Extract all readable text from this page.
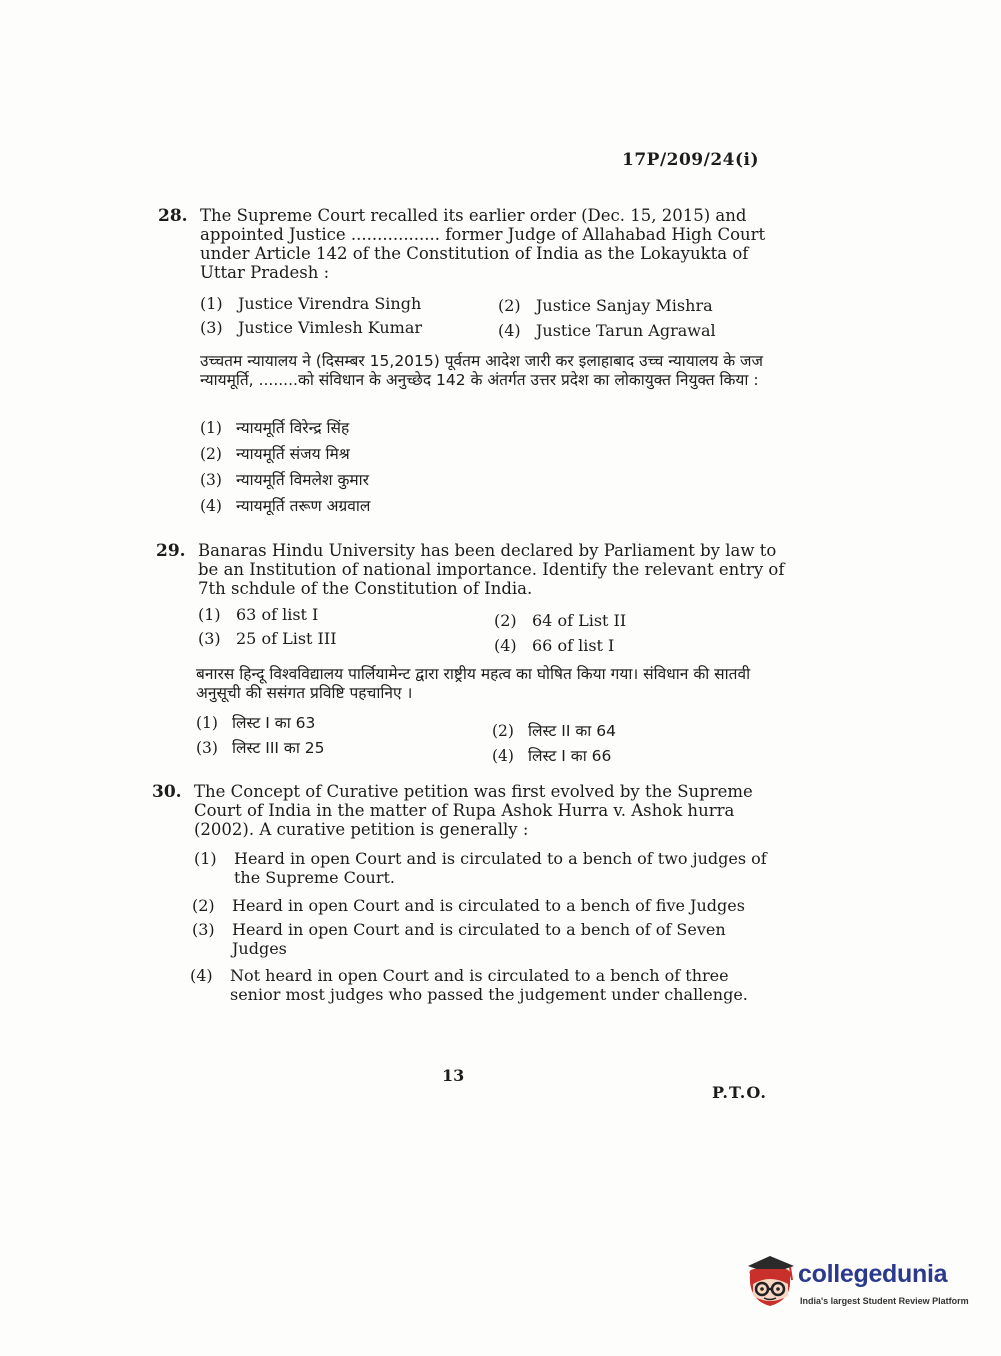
17P/209/24(i)
28. The Supreme Court recalled its earlier order (Dec. 15, 2015) and appointed Justice ................. former Judge of Allahabad High Court under Article 142 of the Constitution of India as the Lokayukta of Uttar Pradesh :
(1) Justice Virendra Singh	(2) Justice Sanjay Mishra
(3) Justice Vimlesh Kumar	(4) Justice Tarun Agrawal
उच्चतम न्यायालय ने (दिसम्बर 15,2015) पूर्वतम आदेश जारी कर इलाहाबाद उच्च न्यायालय के जज न्यायमूर्ति, ........को संविधान के अनुच्छेद 142 के अंतर्गत उत्तर प्रदेश का लोकायुक्त नियुक्त किया :
(1) न्यायमूर्ति विरेन्द्र सिंह
(2) न्यायमूर्ति संजय मिश्र
(3) न्यायमूर्ति विमलेश कुमार
(4) न्यायमूर्ति तरूण अग्रवाल
29. Banaras Hindu University has been declared by Parliament by law to be an Institution of national importance. Identify the relevant entry of 7th schdule of the Constitution of India.
(1) 63 of list I	(2) 64 of List II
(3) 25 of List III	(4) 66 of list I
बनारस हिन्दू विश्वविद्यालय पार्लियामेन्ट द्वारा राष्ट्रीय महत्व का घोषित किया गया। संविधान की सातवी अनुसूची की ससंगत प्रविष्टि पहचानिए ।
(1) लिस्ट I का 63	(2) लिस्ट II का 64
(3) लिस्ट III का 25	(4) लिस्ट I का 66
30. The Concept of Curative petition was first evolved by the Supreme Court of India in the matter of Rupa Ashok Hurra v. Ashok hurra (2002). A curative petition is generally :
(1) Heard in open Court and is circulated to a bench of two judges of the Supreme Court.
(2) Heard in open Court and is circulated to a bench of five Judges
(3) Heard in open Court and is circulated to a bench of of Seven Judges
(4) Not heard in open Court and is circulated to a bench of three senior most judges who passed the judgement under challenge.
13
P.T.O.
collegedunia
India's largest Student Review Platform
